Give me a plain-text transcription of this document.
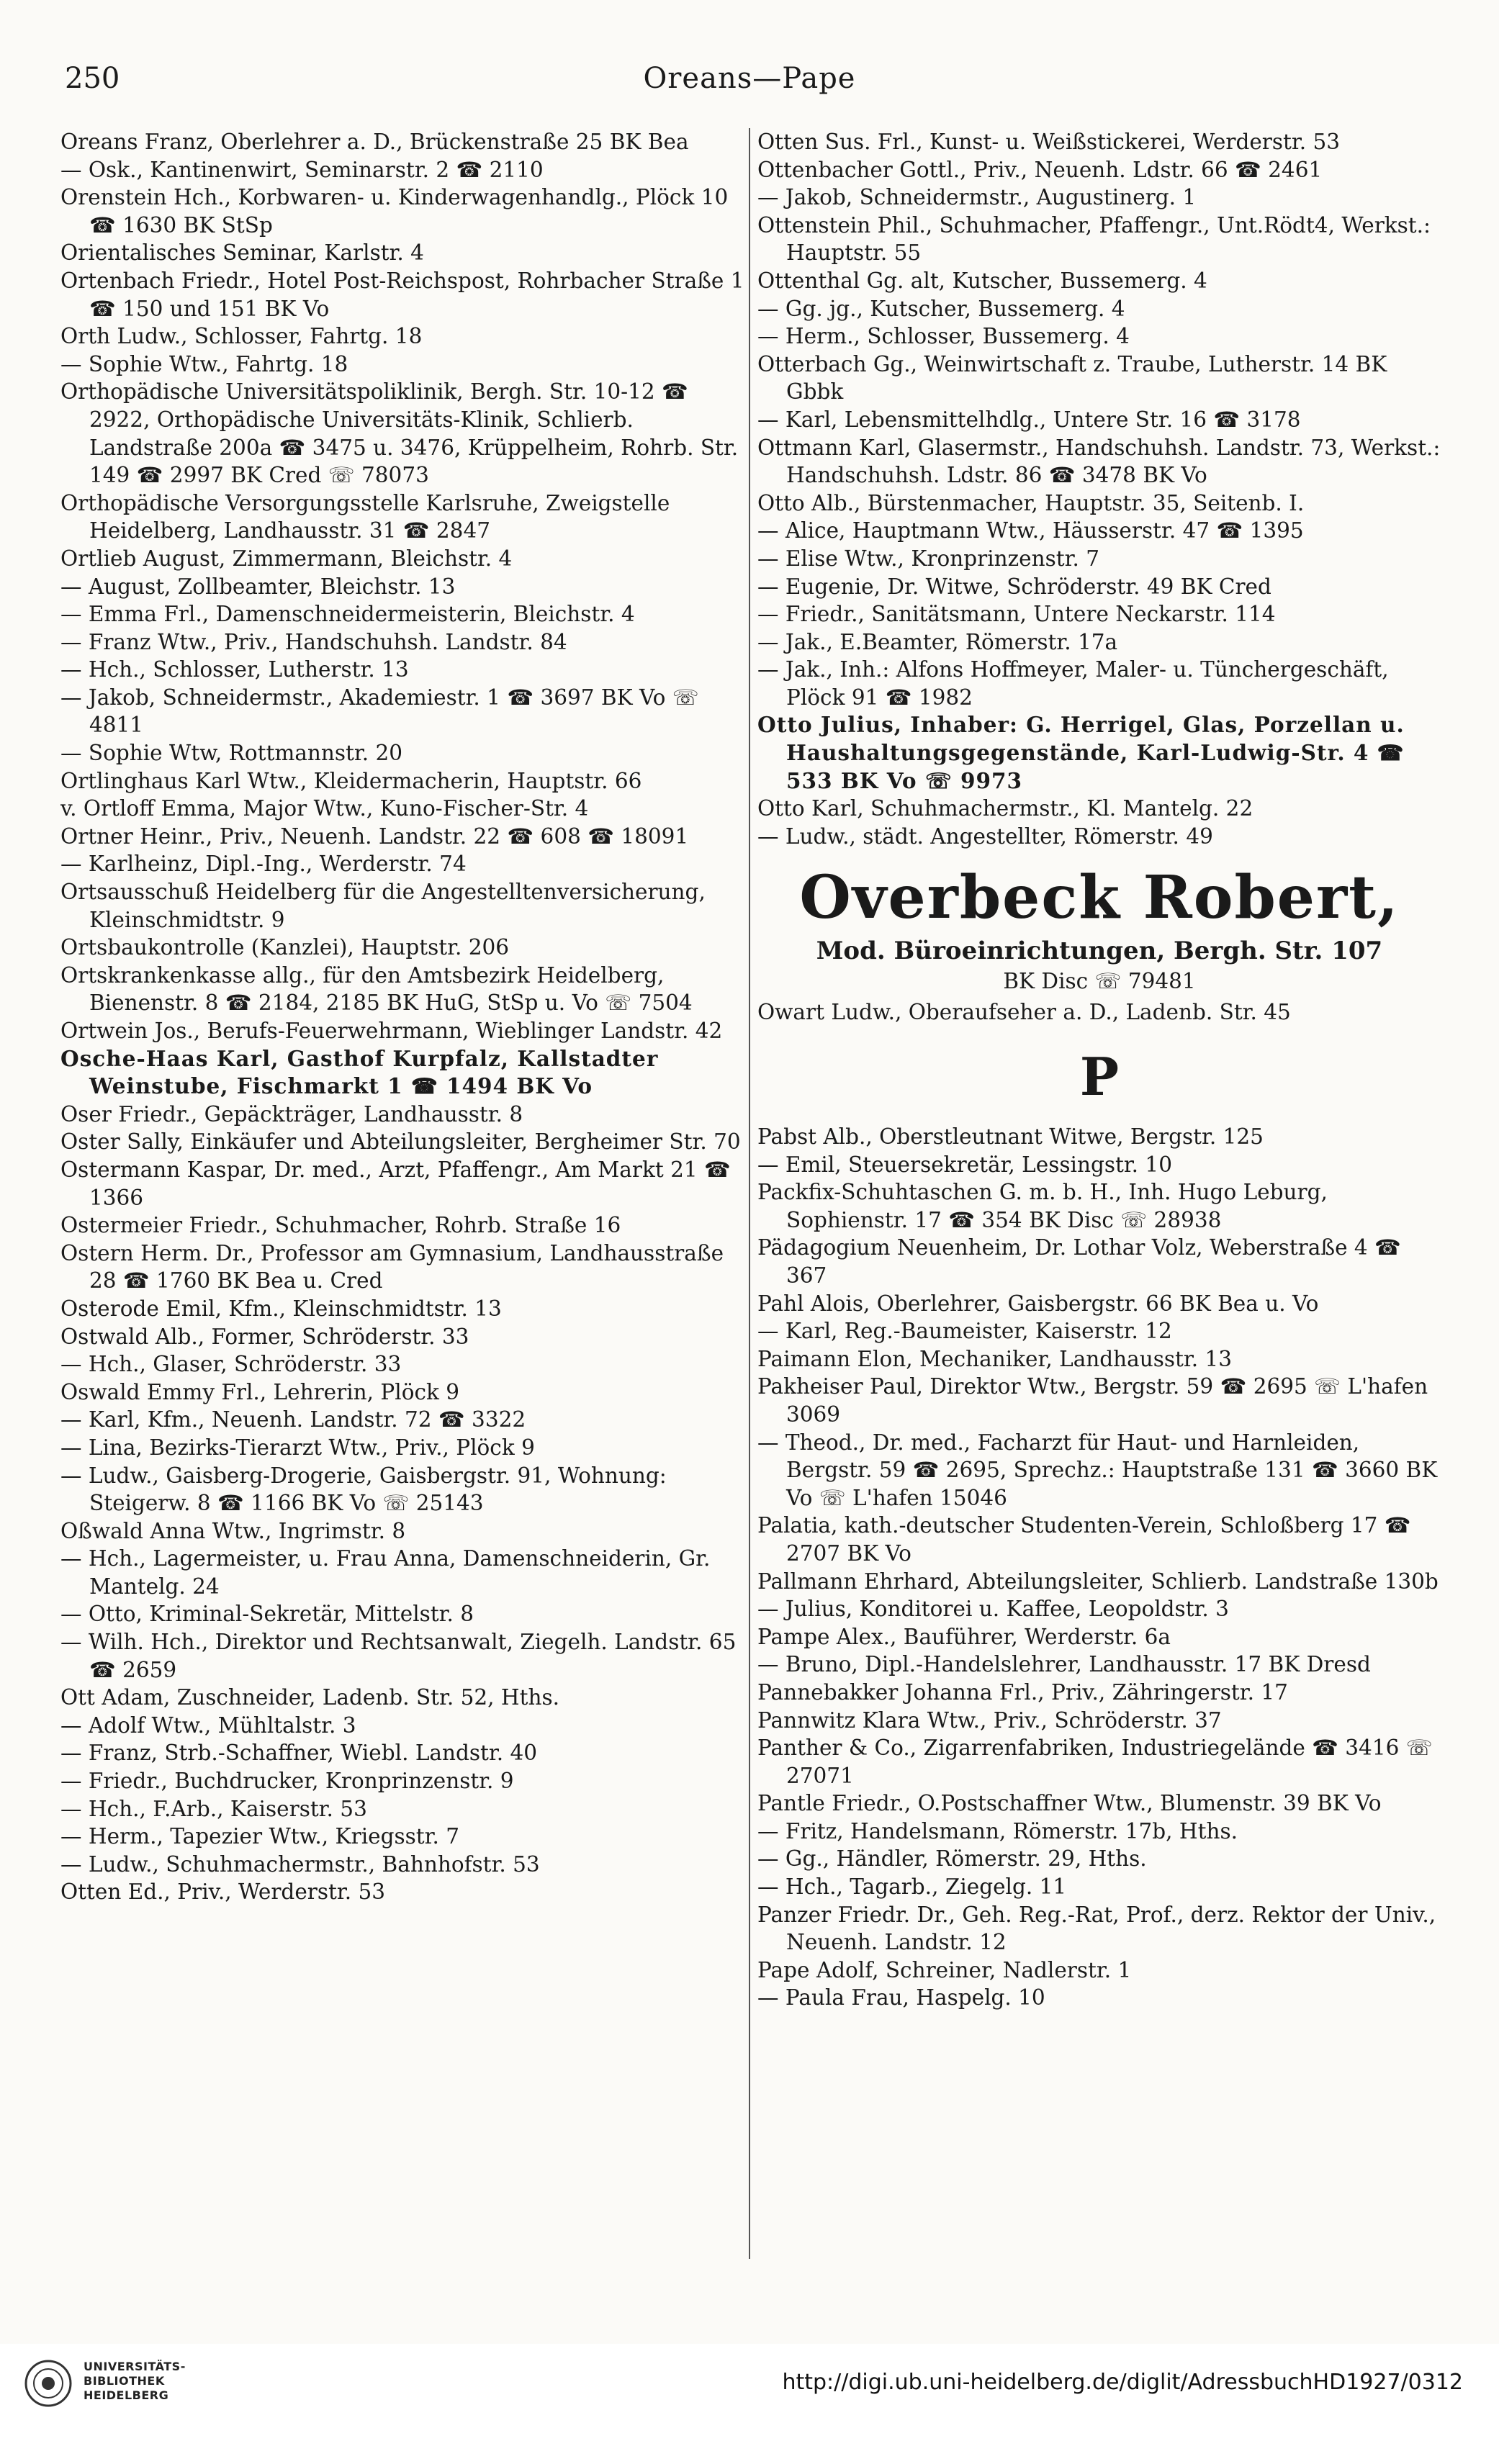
250	Oreans—Pape

Oreans Franz, Oberlehrer a. D., Brückenstraße 25 BK Bea

— Osk., Kantinenwirt, Seminarstr. 2 ☎ 2110

Orenstein Hch., Korbwaren- u. Kinderwagenhandlg., Plöck 10 ☎ 1630 BK StSp

Orientalisches Seminar, Karlstr. 4

Ortenbach Friedr., Hotel Post-Reichspost, Rohrbacher Straße 1 ☎ 150 und 151 BK Vo

Orth Ludw., Schlosser, Fahrtg. 18

— Sophie Wtw., Fahrtg. 18

Orthopädische Universitätspoliklinik, Bergh. Str. 10-12 ☎ 2922, Orthopädische Universitäts-Klinik, Schlierb. Landstraße 200a ☎ 3475 u. 3476, Krüppelheim, Rohrb. Str. 149 ☎ 2997 BK Cred ☏ 78073

Orthopädische Versorgungsstelle Karlsruhe, Zweigstelle Heidelberg, Landhausstr. 31 ☎ 2847

Ortlieb August, Zimmermann, Bleichstr. 4

— August, Zollbeamter, Bleichstr. 13

— Emma Frl., Damenschneidermeisterin, Bleichstr. 4

— Franz Wtw., Priv., Handschuhsh. Landstr. 84

— Hch., Schlosser, Lutherstr. 13

— Jakob, Schneidermstr., Akademiestr. 1 ☎ 3697 BK Vo ☏ 4811

— Sophie Wtw, Rottmannstr. 20

Ortlinghaus Karl Wtw., Kleidermacherin, Hauptstr. 66

v. Ortloff Emma, Major Wtw., Kuno-Fischer-Str. 4

Ortner Heinr., Priv., Neuenh. Landstr. 22 ☎ 608 ☎ 18091

— Karlheinz, Dipl.-Ing., Werderstr. 74

Ortsausschuß Heidelberg für die Angestelltenversicherung, Kleinschmidtstr. 9

Ortsbaukontrolle (Kanzlei), Hauptstr. 206

Ortskrankenkasse allg., für den Amtsbezirk Heidelberg, Bienenstr. 8 ☎ 2184, 2185 BK HuG, StSp u. Vo ☏ 7504

Ortwein Jos., Berufs-Feuerwehrmann, Wieblinger Landstr. 42

Osche-Haas Karl, Gasthof Kurpfalz, Kallstadter Weinstube, Fischmarkt 1 ☎ 1494 BK Vo

Oser Friedr., Gepäckträger, Landhausstr. 8

Oster Sally, Einkäufer und Abteilungsleiter, Bergheimer Str. 70

Ostermann Kaspar, Dr. med., Arzt, Pfaffengr., Am Markt 21 ☎ 1366

Ostermeier Friedr., Schuhmacher, Rohrb. Straße 16

Ostern Herm. Dr., Professor am Gymnasium, Landhausstraße 28 ☎ 1760 BK Bea u. Cred

Osterode Emil, Kfm., Kleinschmidtstr. 13

Ostwald Alb., Former, Schröderstr. 33

— Hch., Glaser, Schröderstr. 33

Oswald Emmy Frl., Lehrerin, Plöck 9

— Karl, Kfm., Neuenh. Landstr. 72 ☎ 3322

— Lina, Bezirks-Tierarzt Wtw., Priv., Plöck 9

— Ludw., Gaisberg-Drogerie, Gaisbergstr. 91, Wohnung: Steigerw. 8 ☎ 1166 BK Vo ☏ 25143

Oßwald Anna Wtw., Ingrimstr. 8

— Hch., Lagermeister, u. Frau Anna, Damenschneiderin, Gr. Mantelg. 24

— Otto, Kriminal-Sekretär, Mittelstr. 8

— Wilh. Hch., Direktor und Rechtsanwalt, Ziegelh. Landstr. 65 ☎ 2659

Ott Adam, Zuschneider, Ladenb. Str. 52, Hths.

— Adolf Wtw., Mühltalstr. 3

— Franz, Strb.-Schaffner, Wiebl. Landstr. 40

— Friedr., Buchdrucker, Kronprinzenstr. 9

— Hch., F.Arb., Kaiserstr. 53

— Herm., Tapezier Wtw., Kriegsstr. 7

— Ludw., Schuhmachermstr., Bahnhofstr. 53

Otten Ed., Priv., Werderstr. 53

Otten Sus. Frl., Kunst- u. Weißstickerei, Werderstr. 53

Ottenbacher Gottl., Priv., Neuenh. Ldstr. 66 ☎ 2461

— Jakob, Schneidermstr., Augustinerg. 1

Ottenstein Phil., Schuhmacher, Pfaffengr., Unt.Rödt4, Werkst.: Hauptstr. 55

Ottenthal Gg. alt, Kutscher, Bussemerg. 4

— Gg. jg., Kutscher, Bussemerg. 4

— Herm., Schlosser, Bussemerg. 4

Otterbach Gg., Weinwirtschaft z. Traube, Lutherstr. 14 BK Gbbk

— Karl, Lebensmittelhdlg., Untere Str. 16 ☎ 3178

Ottmann Karl, Glasermstr., Handschuhsh. Landstr. 73, Werkst.: Handschuhsh. Ldstr. 86 ☎ 3478 BK Vo

Otto Alb., Bürstenmacher, Hauptstr. 35, Seitenb. I.

— Alice, Hauptmann Wtw., Häusserstr. 47 ☎ 1395

— Elise Wtw., Kronprinzenstr. 7

— Eugenie, Dr. Witwe, Schröderstr. 49 BK Cred

— Friedr., Sanitätsmann, Untere Neckarstr. 114

— Jak., E.Beamter, Römerstr. 17a

— Jak., Inh.: Alfons Hoffmeyer, Maler- u. Tünchergeschäft, Plöck 91 ☎ 1982

Otto Julius, Inhaber: G. Herrigel, Glas, Porzellan u. Haushaltungsgegenstände, Karl-Ludwig-Str. 4 ☎ 533 BK Vo ☏ 9973

Otto Karl, Schuhmachermstr., Kl. Mantelg. 22

— Ludw., städt. Angestellter, Römerstr. 49

Overbeck Robert,
Mod. Büroeinrichtungen, Bergh. Str. 107
BK Disc ☏ 79481

Owart Ludw., Oberaufseher a. D., Ladenb. Str. 45

P

Pabst Alb., Oberstleutnant Witwe, Bergstr. 125

— Emil, Steuersekretär, Lessingstr. 10

Packfix-Schuhtaschen G. m. b. H., Inh. Hugo Leburg, Sophienstr. 17 ☎ 354 BK Disc ☏ 28938

Pädagogium Neuenheim, Dr. Lothar Volz, Weberstraße 4 ☎ 367

Pahl Alois, Oberlehrer, Gaisbergstr. 66 BK Bea u. Vo

— Karl, Reg.-Baumeister, Kaiserstr. 12

Paimann Elon, Mechaniker, Landhausstr. 13

Pakheiser Paul, Direktor Wtw., Bergstr. 59 ☎ 2695 ☏ L'hafen 3069

— Theod., Dr. med., Facharzt für Haut- und Harnleiden, Bergstr. 59 ☎ 2695, Sprechz.: Hauptstraße 131 ☎ 3660 BK Vo ☏ L'hafen 15046

Palatia, kath.-deutscher Studenten-Verein, Schloßberg 17 ☎ 2707 BK Vo

Pallmann Ehrhard, Abteilungsleiter, Schlierb. Landstraße 130b

— Julius, Konditorei u. Kaffee, Leopoldstr. 3

Pampe Alex., Bauführer, Werderstr. 6a

— Bruno, Dipl.-Handelslehrer, Landhausstr. 17 BK Dresd

Pannebakker Johanna Frl., Priv., Zähringerstr. 17

Pannwitz Klara Wtw., Priv., Schröderstr. 37

Panther & Co., Zigarrenfabriken, Industriegelände ☎ 3416 ☏ 27071

Pantle Friedr., O.Postschaffner Wtw., Blumenstr. 39 BK Vo

— Fritz, Handelsmann, Römerstr. 17b, Hths.

— Gg., Händler, Römerstr. 29, Hths.

— Hch., Tagarb., Ziegelg. 11

Panzer Friedr. Dr., Geh. Reg.-Rat, Prof., derz. Rektor der Univ., Neuenh. Landstr. 12

Pape Adolf, Schreiner, Nadlerstr. 1

— Paula Frau, Haspelg. 10

UNIVERSITÄTS-
BIBLIOTHEK
HEIDELBERG
http://digi.ub.uni-heidelberg.de/diglit/AdressbuchHD1927/0312
